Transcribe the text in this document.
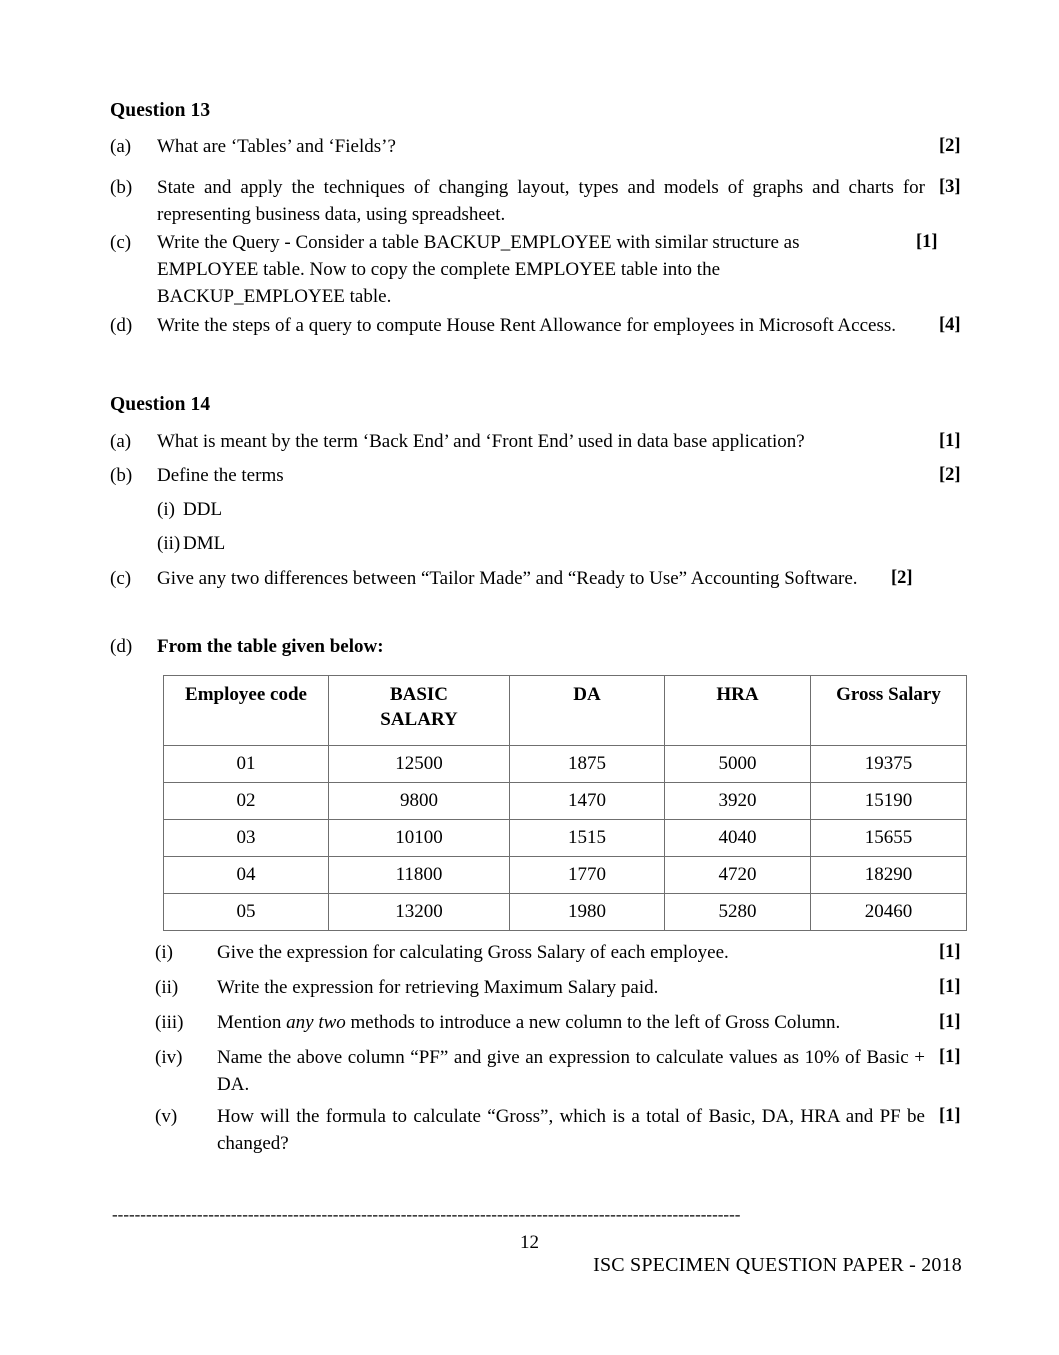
Question 13
(a)	What are ‘Tables’ and ‘Fields’?	[2]
(b)	State and apply the techniques of changing layout, types and models of graphs and charts for representing business data, using spreadsheet.
[3]
(c)	Write the Query - Consider a table BACKUP_EMPLOYEE with similar structure as EMPLOYEE table. Now to copy the complete EMPLOYEE table into the BACKUP_EMPLOYEE table.
[1]
(d)	Write the steps of a query to compute House Rent Allowance for employees in Microsoft Access.	[4]
Question 14
(a)	What is meant by the term ‘Back End’ and ‘Front End’ used in data base application?	[1]
(b)	Define the terms	[2]
(i) DDL
(ii) DML
(c)	Give any two differences between “Tailor Made” and “Ready to Use” Accounting Software.	[2]
(d)	From the table given below:
Employee code	BASIC
SALARY	DA	HRA	Gross Salary
01	12500	1875	5000	19375
02	9800	1470	3920	15190
03	10100	1515	4040	15655
04	11800	1770	4720	18290
05	13200	1980	5280	20460
(i)	Give the expression for calculating Gross Salary of each employee.	[1]
(ii)	Write the expression for retrieving Maximum Salary paid.	[1]
(iii)	Mention any two methods to introduce a new column to the left of Gross Column.	[1]
(iv)	Name the above column “PF” and give an expression to calculate values as 10% of Basic + DA.
[1]
(v)	How will the formula to calculate “Gross”, which is a total of Basic, DA, HRA and PF be changed?
[1]
---------------------------------------------------------------------------------------------------------------
12
ISC SPECIMEN QUESTION PAPER - 2018
